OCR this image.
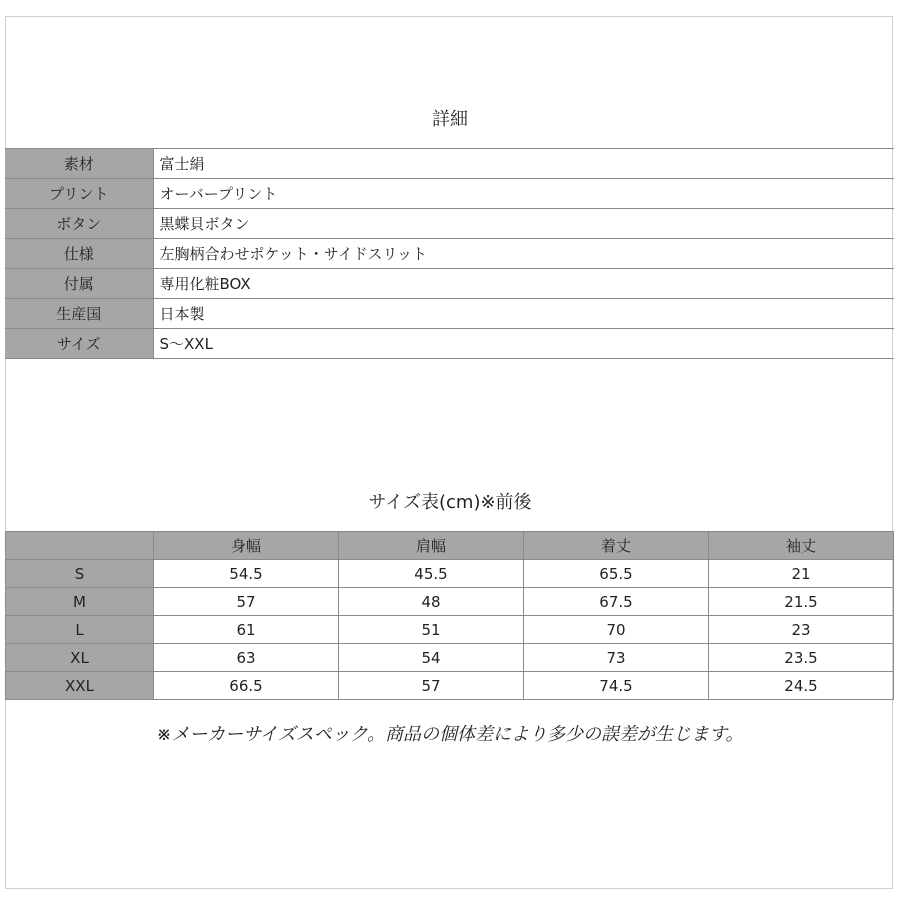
詳細
素材	富士絹
プリント	オーバープリント
ボタン	黒蝶貝ボタン
仕様	左胸柄合わせポケット・サイドスリット
付属	専用化粧BOX
生産国	日本製
サイズ	S〜XXL
サイズ表(cm)※前後
	身幅	肩幅	着丈	袖丈
S	54.5	45.5	65.5	21
M	57	48	67.5	21.5
L	61	51	70	23
XL	63	54	73	23.5
XXL	66.5	57	74.5	24.5
※メーカーサイズスペック。商品の個体差により多少の誤差が生じます。
